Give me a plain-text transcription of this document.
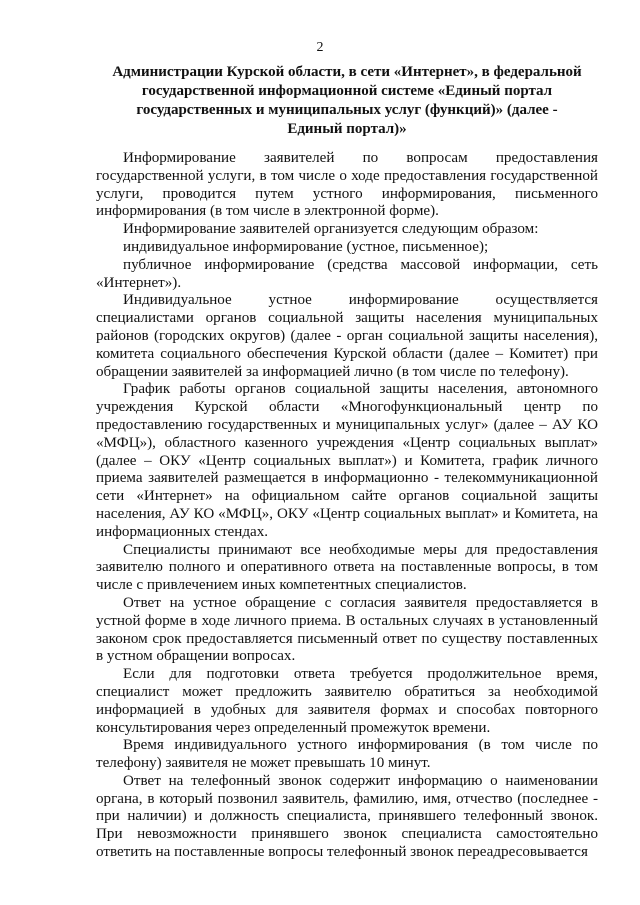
2
Администрации Курской области, в сети «Интернет», в федеральной государственной информационной системе «Единый портал государственных и муниципальных услуг (функций)» (далее - Единый портал)»

Информирование заявителей по вопросам предоставления государственной услуги, в том числе о ходе предоставления государственной услуги, проводится путем устного информирования, письменного информирования (в том числе в электронной форме).

Информирование заявителей организуется следующим образом:

индивидуальное информирование (устное, письменное);

публичное информирование (средства массовой информации, сеть «Интернет»).

Индивидуальное устное информирование осуществляется специалистами органов социальной защиты населения муниципальных районов (городских округов) (далее - орган социальной защиты населения), комитета социального обеспечения Курской области (далее – Комитет) при обращении заявителей за информацией лично (в том числе по телефону).

График работы органов социальной защиты населения, автономного учреждения Курской области «Многофункциональный центр по предоставлению государственных и муниципальных услуг» (далее – АУ КО «МФЦ»), областного казенного учреждения «Центр социальных выплат» (далее – ОКУ «Центр социальных выплат») и Комитета, график личного приема заявителей размещается в информационно - телекоммуникационной сети «Интернет» на официальном сайте органов социальной защиты населения, АУ КО «МФЦ», ОКУ «Центр социальных выплат» и Комитета, на информационных стендах.

Специалисты принимают все необходимые меры для предоставления заявителю полного и оперативного ответа на поставленные вопросы, в том числе с привлечением иных компетентных специалистов.

Ответ на устное обращение с согласия заявителя предоставляется в устной форме в ходе личного приема. В остальных случаях в установленный законом срок предоставляется письменный ответ по существу поставленных в устном обращении вопросах.

Если для подготовки ответа требуется продолжительное время, специалист может предложить заявителю обратиться за необходимой информацией в удобных для заявителя формах и способах повторного консультирования через определенный промежуток времени.

Время индивидуального устного информирования (в том числе по телефону) заявителя не может превышать 10 минут.

Ответ на телефонный звонок содержит информацию о наименовании органа, в который позвонил заявитель, фамилию, имя, отчество (последнее - при наличии) и должность специалиста, принявшего телефонный звонок. При невозможности принявшего звонок специалиста самостоятельно ответить на поставленные вопросы телефонный звонок переадресовывается
